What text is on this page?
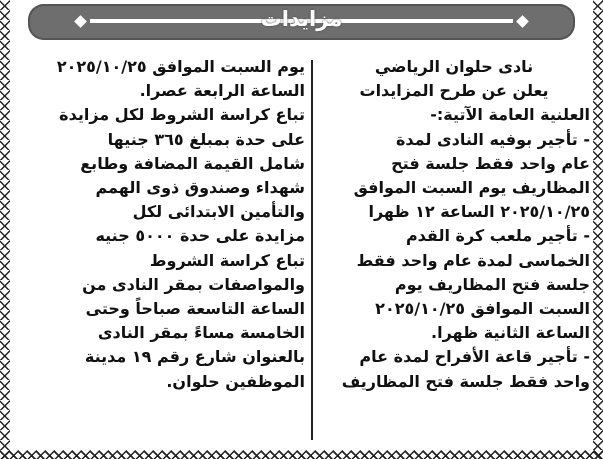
مزايدات
نادى حلوان الرياضي
يعلن عن طرح المزايدات
العلنية العامة الآتية:-
- تأجير بوفيه النادى لمدة
عام واحد فقط جلسة فتح
المظاريف يوم السبت الموافق
٢٠٢٥/١٠/٢٥ الساعة ١٢ ظهرا
- تأجير ملعب كرة القدم
الخماسى لمدة عام واحد فقط
جلسة فتح المظاريف يوم
السبت الموافق ٢٠٢٥/١٠/٢٥
الساعة الثانية ظهرا.
- تأجير قاعة الأفراح لمدة عام
واحد فقط جلسة فتح المظاريف
يوم السبت الموافق ٢٠٢٥/١٠/٢٥
الساعة الرابعة عصرا.
تباع كراسة الشروط لكل مزايدة
على حدة بمبلغ ٣٦٥ جنيها
شامل القيمة المضافة وطابع
شهداء وصندوق ذوى الهمم
والتأمين الابتدائى لكل
مزايدة على حدة ٥٠٠٠ جنيه
تباع كراسة الشروط
والمواصفات بمقر النادى من
الساعة التاسعة صباحاً وحتى
الخامسة مساءً بمقر النادى
بالعنوان شارع رقم ١٩ مدينة
الموظفين حلوان.
